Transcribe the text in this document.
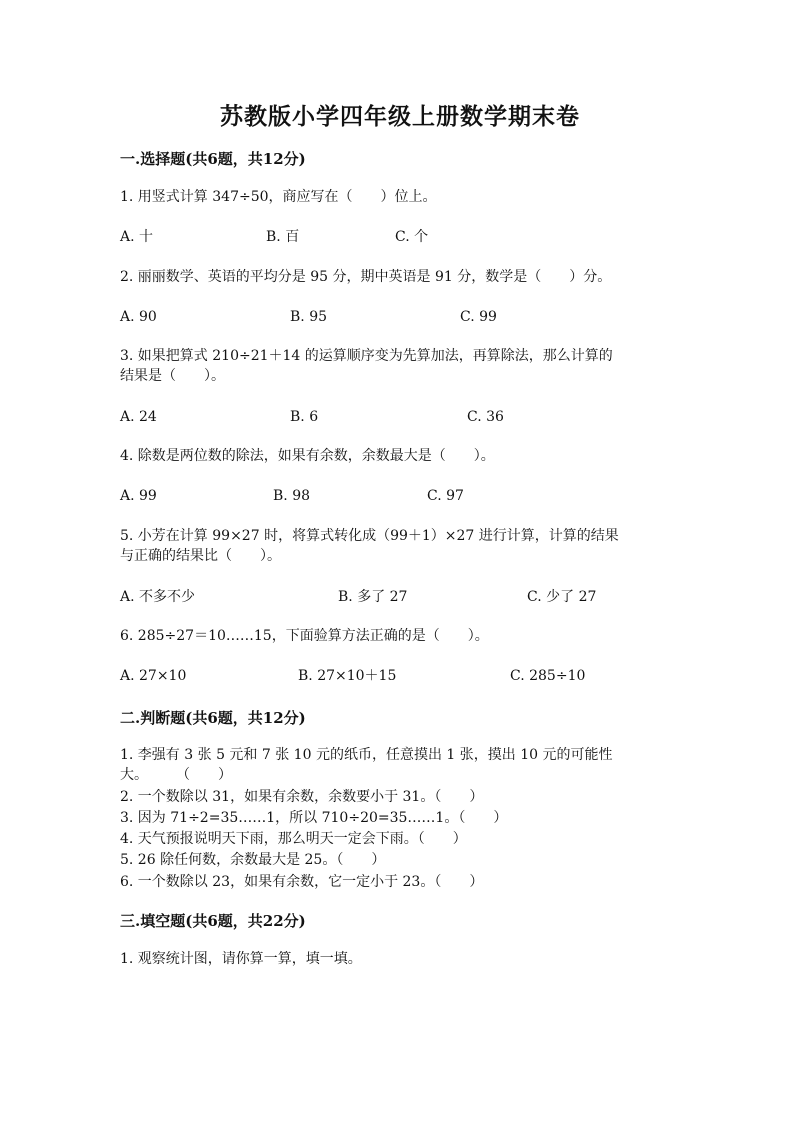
苏教版小学四年级上册数学期末卷
一.选择题(共6题，共12分)
1. 用竖式计算 347÷50，商应写在（　　）位上。
A. 十	B. 百	C. 个
2. 丽丽数学、英语的平均分是 95 分，期中英语是 91 分，数学是（　　）分。
A. 90	B. 95	C. 99
3. 如果把算式 210÷21＋14 的运算顺序变为先算加法，再算除法，那么计算的
结果是（　　）。
A. 24	B. 6	C. 36
4. 除数是两位数的除法，如果有余数，余数最大是（　　）。
A. 99	B. 98	C. 97
5. 小芳在计算 99×27 时，将算式转化成（99＋1）×27 进行计算，计算的结果
与正确的结果比（　　）。
A. 不多不少	B. 多了 27	C. 少了 27
6. 285÷27＝10……15，下面验算方法正确的是（　　）。
A. 27×10	B. 27×10＋15	C. 285÷10
二.判断题(共6题，共12分)
1. 李强有 3 张 5 元和 7 张 10 元的纸币，任意摸出 1 张，摸出 10 元的可能性
大。　　　（　　）
2. 一个数除以 31，如果有余数，余数要小于 31。（　　）
3. 因为 71÷2=35……1，所以 710÷20=35……1。（　　）
4. 天气预报说明天下雨，那么明天一定会下雨。（　　）
5. 26 除任何数，余数最大是 25。（　　）
6. 一个数除以 23，如果有余数，它一定小于 23。（　　）
三.填空题(共6题，共22分)
1. 观察统计图，请你算一算，填一填。
